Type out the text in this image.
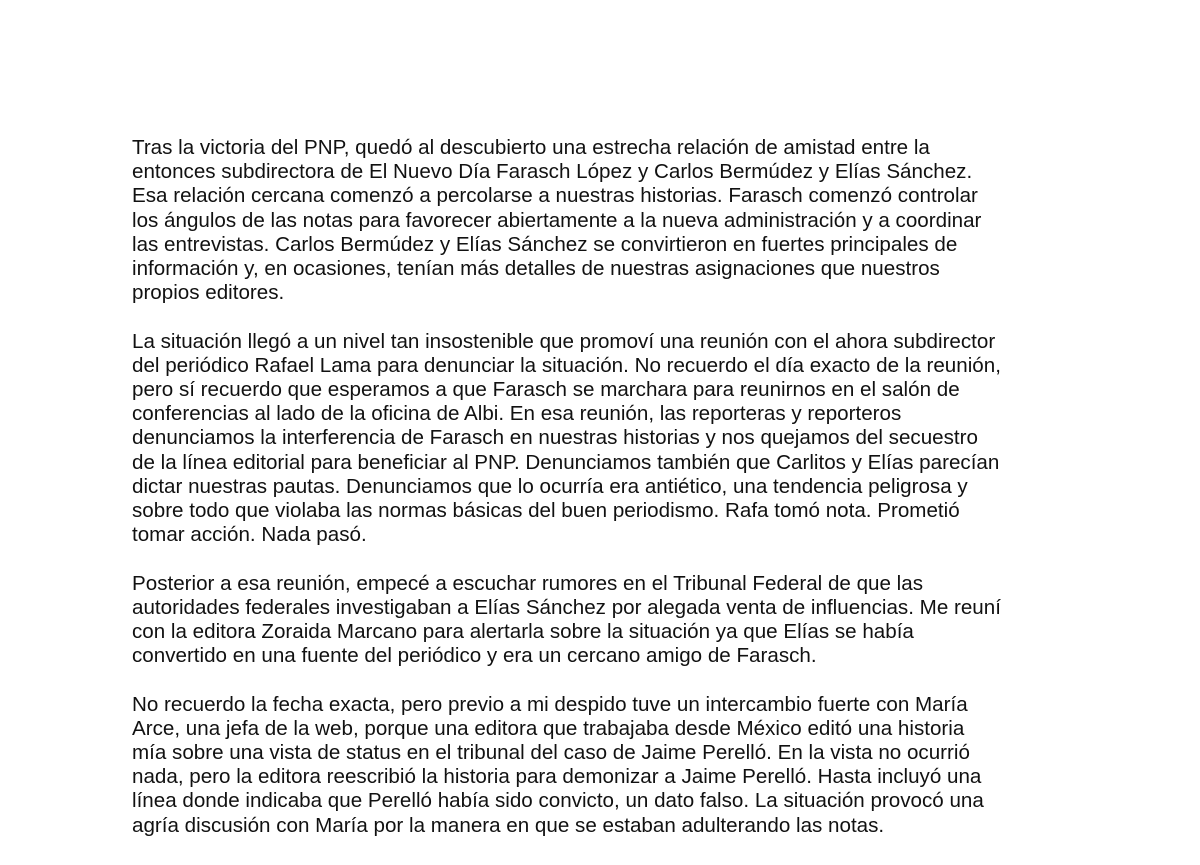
Tras la victoria del PNP, quedó al descubierto una estrecha relación de amistad entre la
entonces subdirectora de El Nuevo Día Farasch López y Carlos Bermúdez y Elías Sánchez.
Esa relación cercana comenzó a percolarse a nuestras historias. Farasch comenzó controlar
los ángulos de las notas para favorecer abiertamente a la nueva administración y a coordinar
las entrevistas. Carlos Bermúdez y Elías Sánchez se convirtieron en fuertes principales de
información y, en ocasiones, tenían más detalles de nuestras asignaciones que nuestros
propios editores.

La situación llegó a un nivel tan insostenible que promoví una reunión con el ahora subdirector
del periódico Rafael Lama para denunciar la situación. No recuerdo el día exacto de la reunión,
pero sí recuerdo que esperamos a que Farasch se marchara para reunirnos en el salón de
conferencias al lado de la oficina de Albi. En esa reunión, las reporteras y reporteros
denunciamos la interferencia de Farasch en nuestras historias y nos quejamos del secuestro
de la línea editorial para beneficiar al PNP. Denunciamos también que Carlitos y Elías parecían
dictar nuestras pautas. Denunciamos que lo ocurría era antiético, una tendencia peligrosa y
sobre todo que violaba las normas básicas del buen periodismo. Rafa tomó nota. Prometió
tomar acción. Nada pasó.

Posterior a esa reunión, empecé a escuchar rumores en el Tribunal Federal de que las
autoridades federales investigaban a Elías Sánchez por alegada venta de influencias. Me reuní
con la editora Zoraida Marcano para alertarla sobre la situación ya que Elías se había
convertido en una fuente del periódico y era un cercano amigo de Farasch.

No recuerdo la fecha exacta, pero previo a mi despido tuve un intercambio fuerte con María
Arce, una jefa de la web, porque una editora que trabajaba desde México editó una historia
mía sobre una vista de status en el tribunal del caso de Jaime Perelló. En la vista no ocurrió
nada, pero la editora reescribió la historia para demonizar a Jaime Perelló. Hasta incluyó una
línea donde indicaba que Perelló había sido convicto, un dato falso. La situación provocó una
agría discusión con María por la manera en que se estaban adulterando las notas.
